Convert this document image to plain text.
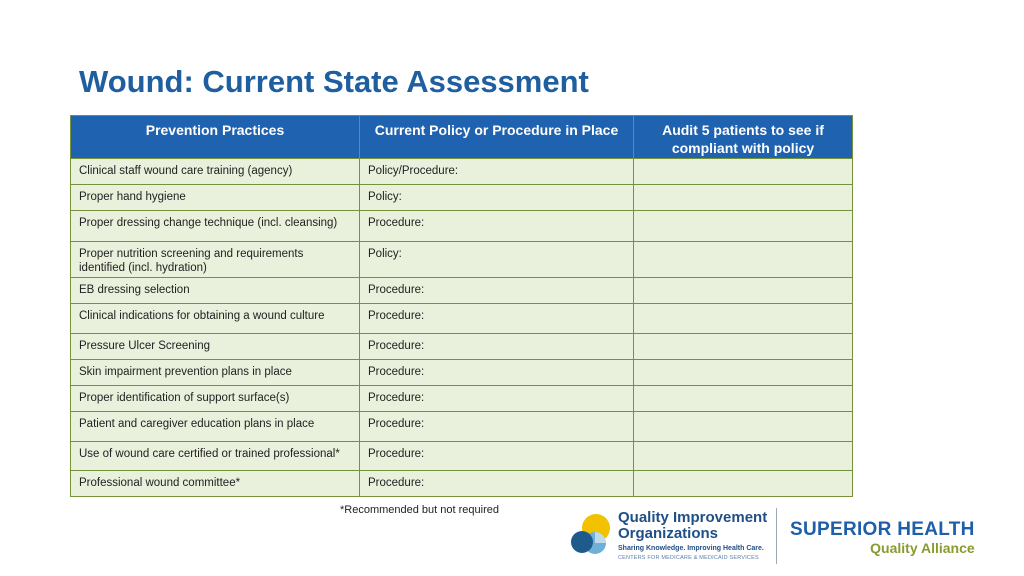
Wound: Current State Assessment
Prevention Practices	Current Policy or Procedure in Place	Audit 5 patients to see if compliant with policy
Clinical staff wound care training (agency)	Policy/Procedure:	
Proper hand hygiene	Policy:	
Proper dressing change technique (incl. cleansing)	Procedure:	
Proper nutrition screening and requirements identified (incl. hydration)	Policy:	
EB dressing selection	Procedure:	
Clinical indications for obtaining a wound culture	Procedure:	
Pressure Ulcer Screening	Procedure:	
Skin impairment prevention plans in place	Procedure:	
Proper identification of support surface(s)	Procedure:	
Patient and caregiver education plans in place	Procedure:	
Use of wound care certified or trained professional*	Procedure:	
Professional wound committee*	Procedure:	
*Recommended but not required	Quality Improvement
Organizations
Sharing Knowledge. Improving Health Care.
CENTERS FOR MEDICARE & MEDICAID SERVICES
SUPERIOR HEALTH
Quality Alliance
